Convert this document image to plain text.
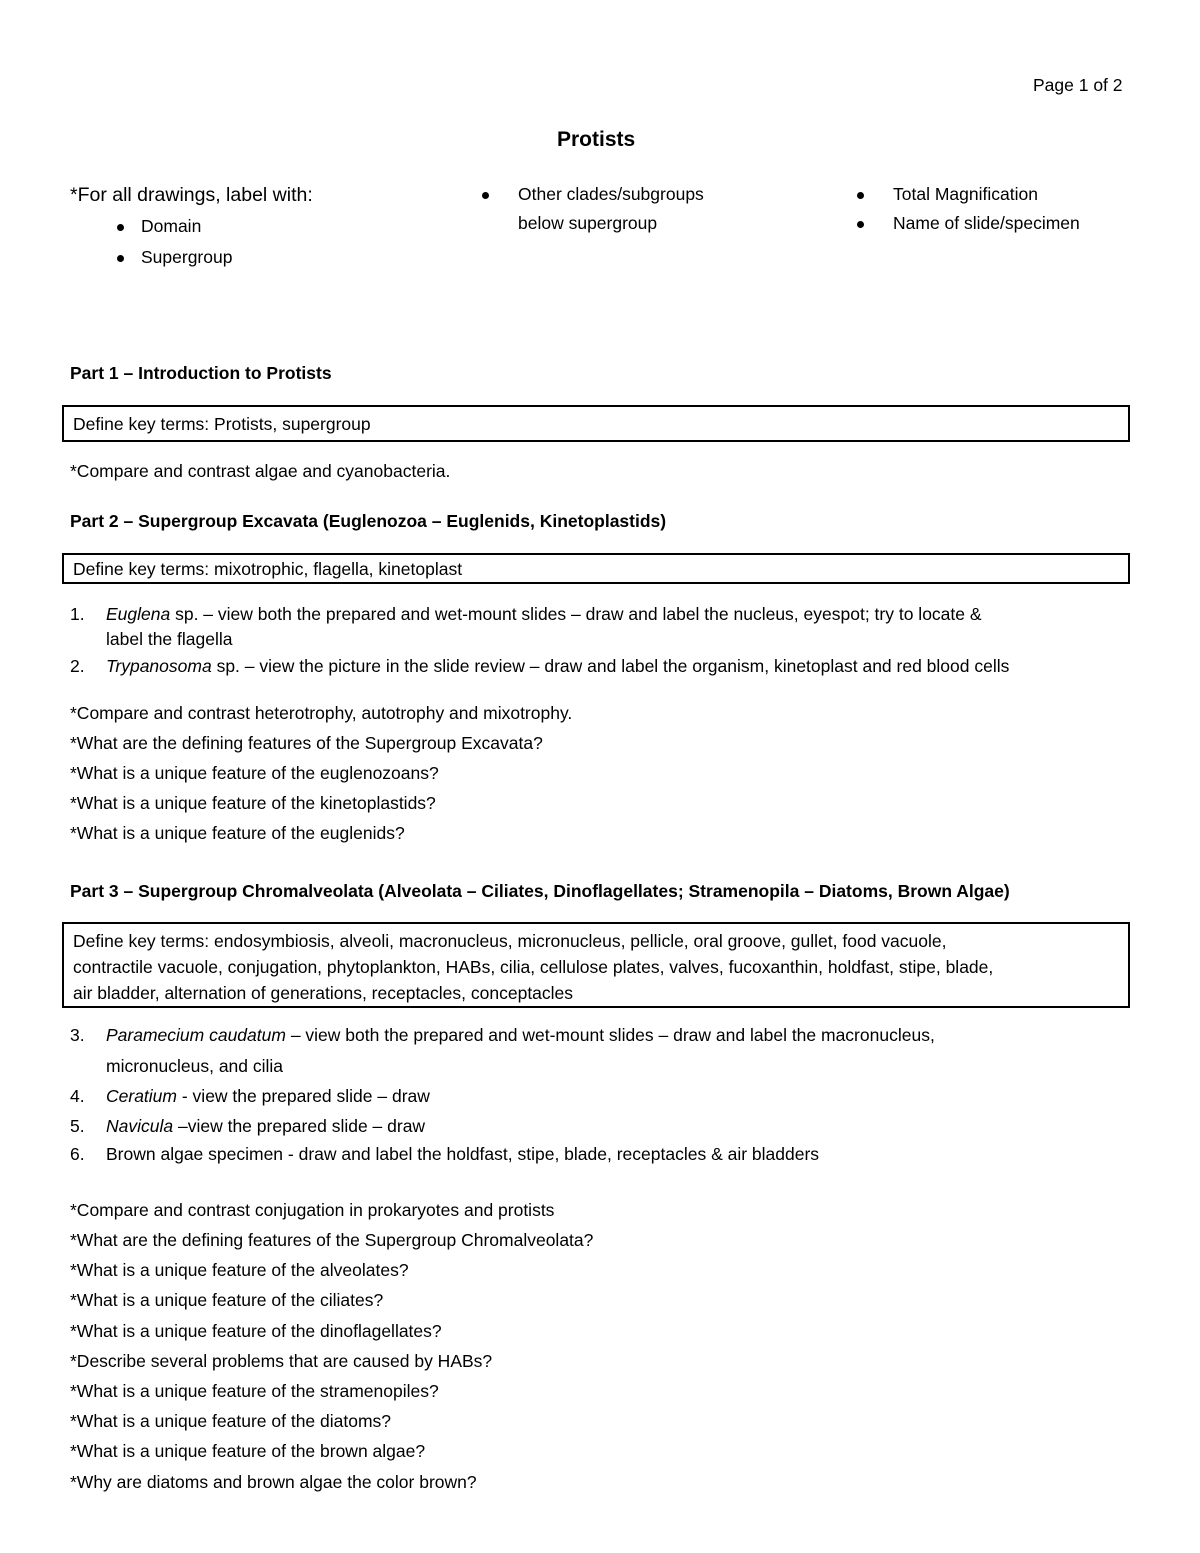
Page 1 of 2
Protists
*For all drawings, label with:
Domain
Supergroup
Other clades/subgroups
below supergroup
Total Magnification
Name of slide/specimen
Part 1 – Introduction to Protists
Define key terms: Protists, supergroup
*Compare and contrast algae and cyanobacteria.
Part 2 – Supergroup Excavata (Euglenozoa – Euglenids, Kinetoplastids)
Define key terms: mixotrophic, flagella, kinetoplast
1. Euglena sp. – view both the prepared and wet-mount slides – draw and label the nucleus, eyespot; try to locate &
label the flagella
2. Trypanosoma sp. – view the picture in the slide review – draw and label the organism, kinetoplast and red blood cells
*Compare and contrast heterotrophy, autotrophy and mixotrophy.
*What are the defining features of the Supergroup Excavata?
*What is a unique feature of the euglenozoans?
*What is a unique feature of the kinetoplastids?
*What is a unique feature of the euglenids?
Part 3 – Supergroup Chromalveolata (Alveolata – Ciliates, Dinoflagellates; Stramenopila – Diatoms, Brown Algae)
Define key terms: endosymbiosis, alveoli, macronucleus, micronucleus, pellicle, oral groove, gullet, food vacuole,
contractile vacuole, conjugation, phytoplankton, HABs, cilia, cellulose plates, valves, fucoxanthin, holdfast, stipe, blade,
air bladder, alternation of generations, receptacles, conceptacles
3. Paramecium caudatum – view both the prepared and wet-mount slides – draw and label the macronucleus,
micronucleus, and cilia
4. Ceratium - view the prepared slide – draw
5. Navicula –view the prepared slide – draw
6. Brown algae specimen - draw and label the holdfast, stipe, blade, receptacles & air bladders
*Compare and contrast conjugation in prokaryotes and protists
*What are the defining features of the Supergroup Chromalveolata?
*What is a unique feature of the alveolates?
*What is a unique feature of the ciliates?
*What is a unique feature of the dinoflagellates?
*Describe several problems that are caused by HABs?
*What is a unique feature of the stramenopiles?
*What is a unique feature of the diatoms?
*What is a unique feature of the brown algae?
*Why are diatoms and brown algae the color brown?
